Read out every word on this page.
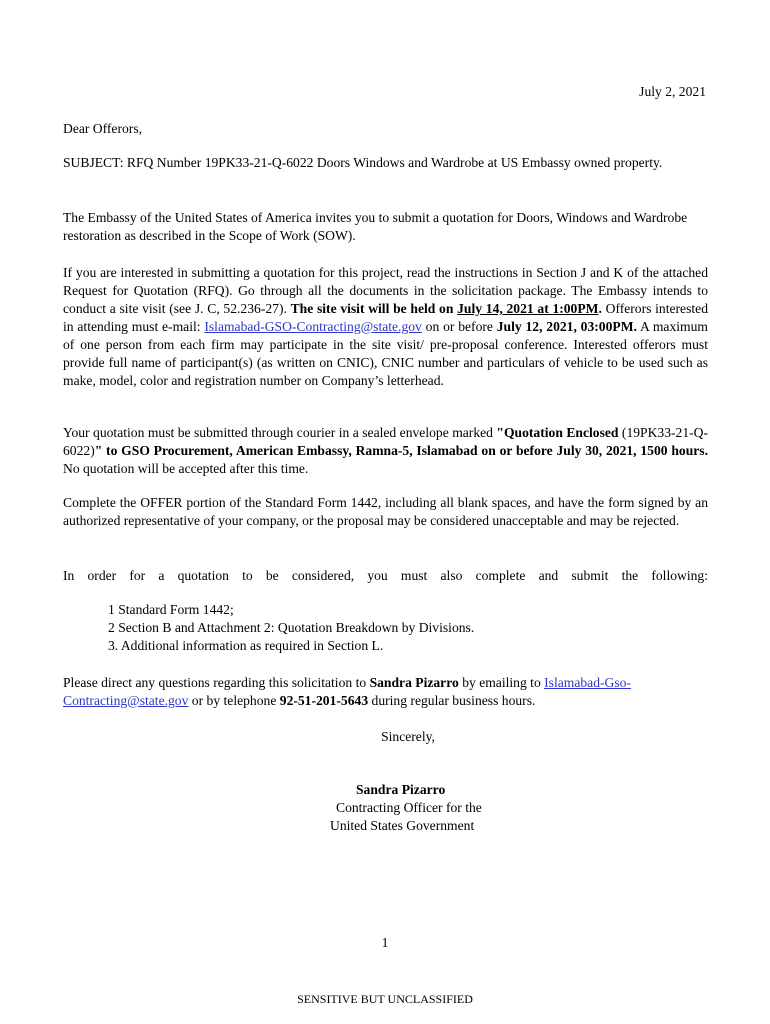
July 2, 2021
Dear Offerors,
SUBJECT: RFQ Number 19PK33-21-Q-6022 Doors Windows and Wardrobe at US Embassy owned property.
The Embassy of the United States of America invites you to submit a quotation for Doors, Windows and Wardrobe restoration as described in the Scope of Work (SOW).
If you are interested in submitting a quotation for this project, read the instructions in Section J and K of the attached Request for Quotation (RFQ). Go through all the documents in the solicitation package. The Embassy intends to conduct a site visit (see J. C, 52.236-27). The site visit will be held on July 14, 2021 at 1:00PM. Offerors interested in attending must e-mail: Islamabad-GSO-Contracting@state.gov on or before July 12, 2021, 03:00PM. A maximum of one person from each firm may participate in the site visit/ pre-proposal conference. Interested offerors must provide full name of participant(s) (as written on CNIC), CNIC number and particulars of vehicle to be used such as make, model, color and registration number on Company’s letterhead.
Your quotation must be submitted through courier in a sealed envelope marked "Quotation Enclosed (19PK33-21-Q-6022)" to GSO Procurement, American Embassy, Ramna-5, Islamabad on or before July 30, 2021, 1500 hours. No quotation will be accepted after this time.
Complete the OFFER portion of the Standard Form 1442, including all blank spaces, and have the form signed by an authorized representative of your company, or the proposal may be considered unacceptable and may be rejected.
In order for a quotation to be considered, you must also complete and submit the following:
1 Standard Form 1442;
2 Section B and Attachment 2: Quotation Breakdown by Divisions.
3. Additional information as required in Section L.
Please direct any questions regarding this solicitation to Sandra Pizarro by emailing to Islamabad-Gso-Contracting@state.gov or by telephone 92-51-201-5643 during regular business hours.
Sincerely,
Sandra Pizarro
Contracting Officer for the
United States Government
1
SENSITIVE BUT UNCLASSIFIED
